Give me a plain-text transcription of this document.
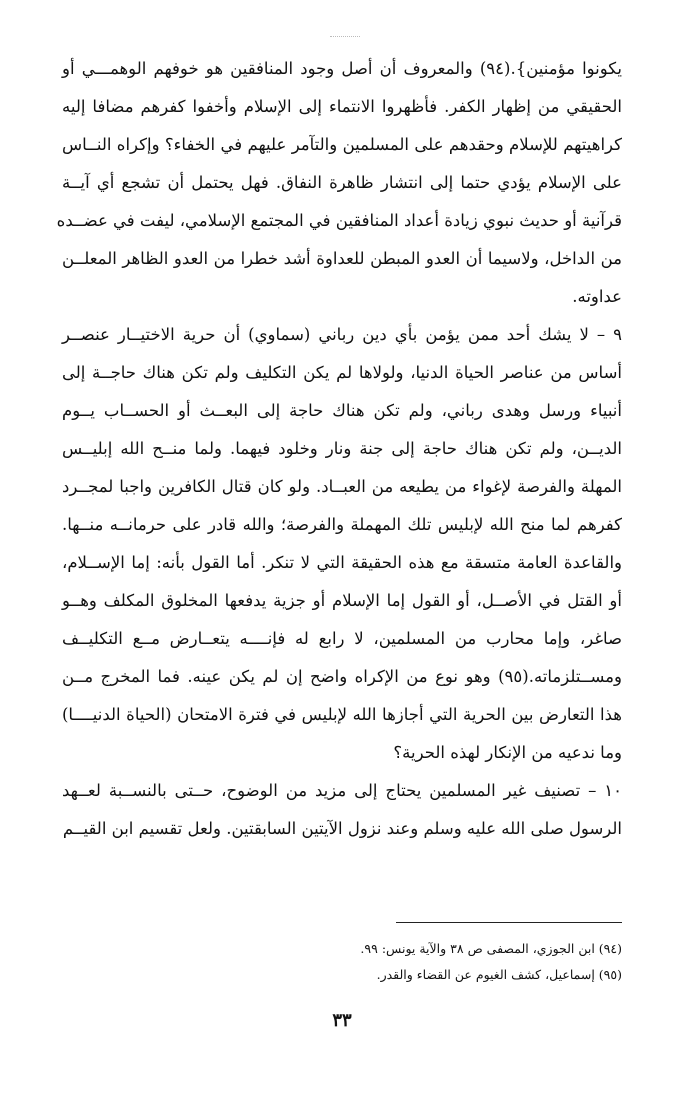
يكونوا مؤمنين}.(٩٤) والمعروف أن أصل وجود المنافقين هو خوفهم الوهمـــي أو
الحقيقي من إظهار الكفر. فأظهروا الانتماء إلى الإسلام وأخفوا كفرهم مضافا إليه
كراهيتهم للإسلام وحقدهم على المسلمين والتآمر عليهم في الخفاء؟ وإكراه النــاس
على الإسلام يؤدي حتما إلى انتشار ظاهرة النفاق. فهل يحتمل أن تشجع أي آيــة
قرآنية أو حديث نبوي زيادة أعداد المنافقين في المجتمع الإسلامي، ليفت في عضــده
من الداخل، ولاسيما أن العدو المبطن للعداوة أشد خطرا من العدو الظاهر المعلــن
عداوته.
٩ – لا يشك أحد ممن يؤمن بأي دين رباني (سماوي) أن حرية الاختيــار عنصــر
أساس من عناصر الحياة الدنيا، ولولاها لم يكن التكليف ولم تكن هناك حاجــة إلى
أنبياء ورسل وهدى رباني، ولم تكن هناك حاجة إلى البعــث أو الحســاب يــوم
الديــن، ولم تكن هناك حاجة إلى جنة ونار وخلود فيهما. ولما منــح الله إبليــس
المهلة والفرصة لإغواء من يطيعه من العبــاد. ولو كان قتال الكافرين واجبا لمجــرد
كفرهم لما منح الله لإبليس تلك المهملة والفرصة؛ والله قادر على حرمانــه منــها.
والقاعدة العامة متسقة مع هذه الحقيقة التي لا تنكر. أما القول بأنه: إما الإســلام،
أو القتل في الأصــل، أو القول إما الإسلام أو جزية يدفعها المخلوق المكلف وهــو
صاغر، وإما محارب من المسلمين، لا رابع له فإنــــه يتعــارض مــع التكليــف
ومســتلزماته.(٩٥) وهو نوع من الإكراه واضح إن لم يكن عينه. فما المخرج مــن
هذا التعارض بين الحرية التي أجازها الله لإبليس في فترة الامتحان (الحياة الدنيــــا)
وما ندعيه من الإنكار لهذه الحرية؟
١٠ – تصنيف غير المسلمين يحتاج إلى مزيد من الوضوح، حــتى بالنســبة لعــهد
الرسول صلى الله عليه وسلم وعند نزول الآيتين السابقتين. ولعل تقسيم ابن القيــم
(٩٤) ابن الجوزي، المصفى ص ٣٨ والآية يونس: ٩٩.
(٩٥) إسماعيل، كشف الغيوم عن القضاء والقدر.
٣٣
